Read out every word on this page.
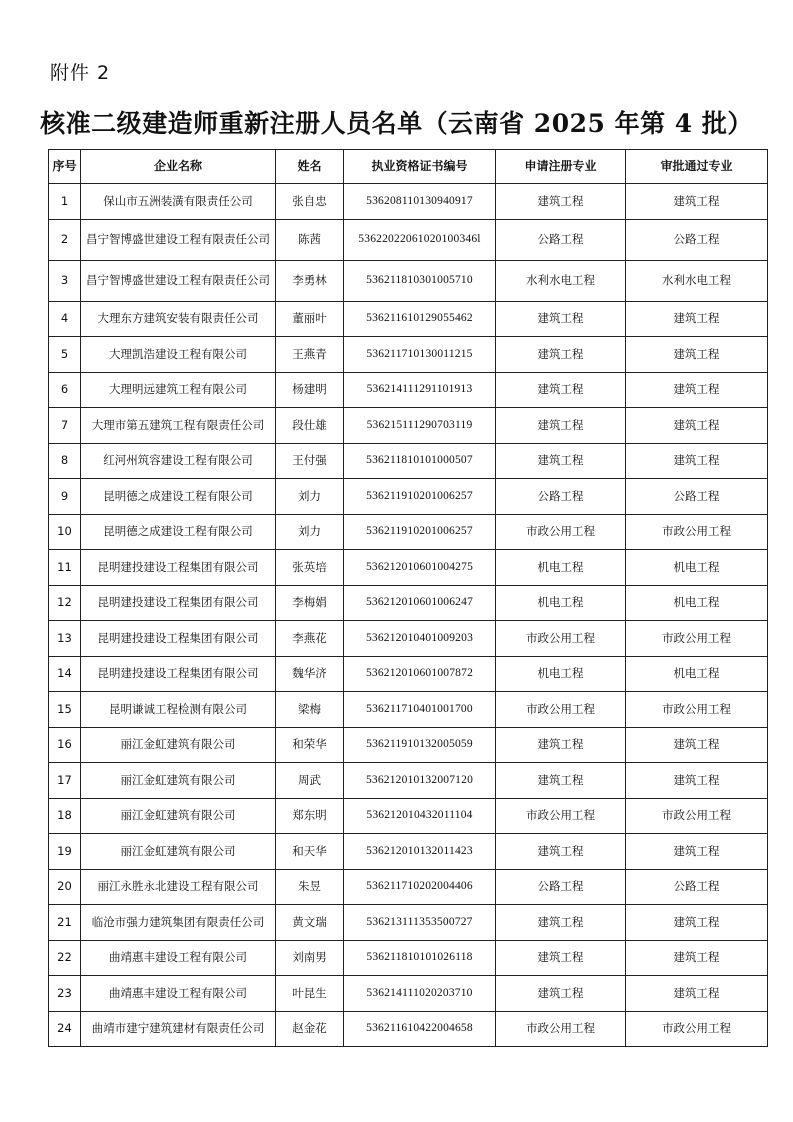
附件 2
核准二级建造师重新注册人员名单（云南省 2025 年第 4 批）
序号	企业名称	姓名	执业资格证书编号	申请注册专业	审批通过专业
1	保山市五洲装潢有限责任公司	张自忠	536208110130940917	建筑工程	建筑工程
2	昌宁智博盛世建设工程有限责任公司	陈茜	53622022061020100346l	公路工程	公路工程
3	昌宁智博盛世建设工程有限责任公司	李勇林	536211810301005710	水利水电工程	水利水电工程
4	大理东方建筑安装有限责任公司	董丽叶	536211610129055462	建筑工程	建筑工程
5	大理凯浩建设工程有限公司	王燕青	536211710130011215	建筑工程	建筑工程
6	大理明远建筑工程有限公司	杨建明	536214111291101913	建筑工程	建筑工程
7	大理市第五建筑工程有限责任公司	段仕雄	536215111290703119	建筑工程	建筑工程
8	红河州筑容建设工程有限公司	王付强	536211810101000507	建筑工程	建筑工程
9	昆明德之成建设工程有限公司	刘力	536211910201006257	公路工程	公路工程
10	昆明德之成建设工程有限公司	刘力	536211910201006257	市政公用工程	市政公用工程
11	昆明建投建设工程集团有限公司	张英培	536212010601004275	机电工程	机电工程
12	昆明建投建设工程集团有限公司	李梅娟	536212010601006247	机电工程	机电工程
13	昆明建投建设工程集团有限公司	李燕花	536212010401009203	市政公用工程	市政公用工程
14	昆明建投建设工程集团有限公司	魏华济	536212010601007872	机电工程	机电工程
15	昆明谦诚工程检测有限公司	梁梅	536211710401001700	市政公用工程	市政公用工程
16	丽江金虹建筑有限公司	和荣华	536211910132005059	建筑工程	建筑工程
17	丽江金虹建筑有限公司	周武	536212010132007120	建筑工程	建筑工程
18	丽江金虹建筑有限公司	郑东明	536212010432011104	市政公用工程	市政公用工程
19	丽江金虹建筑有限公司	和天华	536212010132011423	建筑工程	建筑工程
20	丽江永胜永北建设工程有限公司	朱昱	536211710202004406	公路工程	公路工程
21	临沧市强力建筑集团有限责任公司	黄文瑞	536213111353500727	建筑工程	建筑工程
22	曲靖惠丰建设工程有限公司	刘南男	536211810101026118	建筑工程	建筑工程
23	曲靖惠丰建设工程有限公司	叶昆生	536214111020203710	建筑工程	建筑工程
24	曲靖市建宁建筑建材有限责任公司	赵金花	536211610422004658	市政公用工程	市政公用工程
